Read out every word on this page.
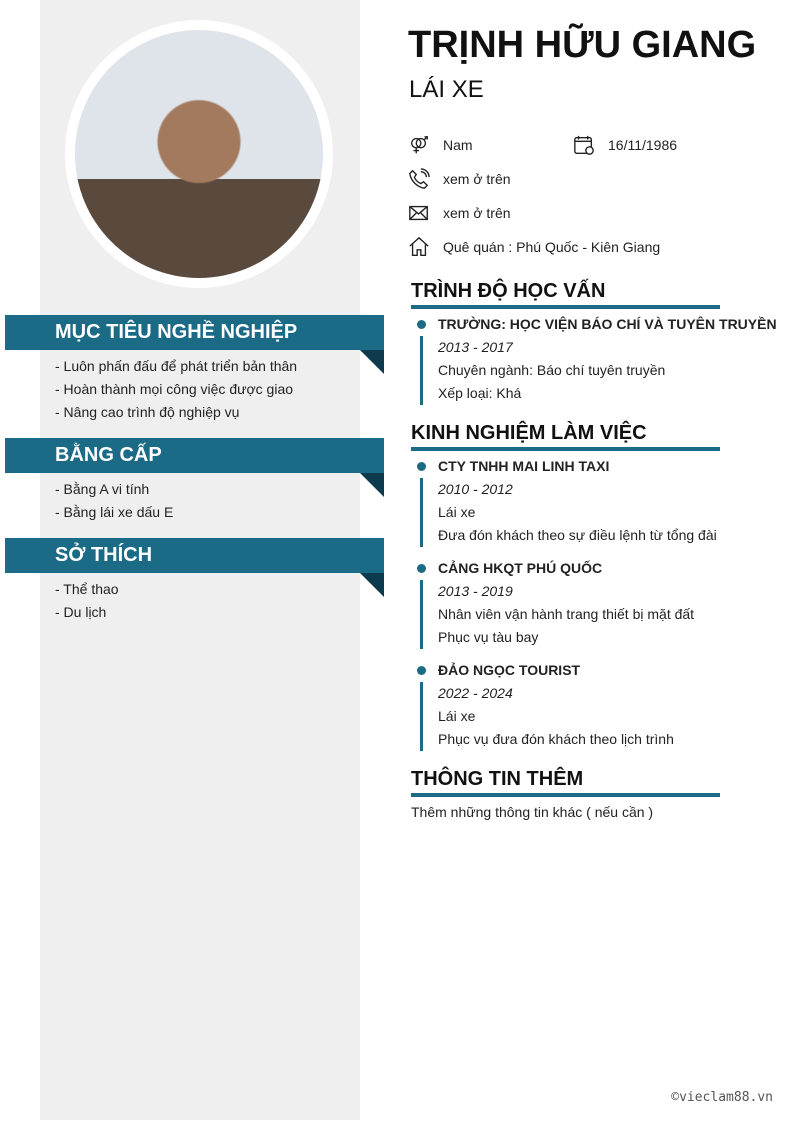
MỤC TIÊU NGHỀ NGHIỆP
- Luôn phấn đấu để phát triển bản thân
- Hoàn thành mọi công việc được giao
- Nâng cao trình độ nghiệp vụ
BẰNG CẤP
- Bằng A vi tính
- Bằng lái xe dấu E
SỞ THÍCH
- Thể thao
- Du lịch
TRỊNH HỮU GIANG
LÁI XE
Nam	16/11/1986
xem ở trên
xem ở trên
Quê quán : Phú Quốc - Kiên Giang
TRÌNH ĐỘ HỌC VẤN
TRƯỜNG: HỌC VIỆN BÁO CHÍ VÀ TUYÊN TRUYỀN
2013 - 2017
Chuyên ngành: Báo chí tuyên truyền
Xếp loại: Khá
KINH NGHIỆM LÀM VIỆC
CTY TNHH MAI LINH TAXI
2010 - 2012
Lái xe
Đưa đón khách theo sự điều lệnh từ tổng đài
CẢNG HKQT PHÚ QUỐC
2013 - 2019
Nhân viên vận hành trang thiết bị mặt đất
Phục vụ tàu bay
ĐẢO NGỌC TOURIST
2022 - 2024
Lái xe
Phục vụ đưa đón khách theo lịch trình
THÔNG TIN THÊM
Thêm những thông tin khác ( nếu cần )
©vieclam88.vn
